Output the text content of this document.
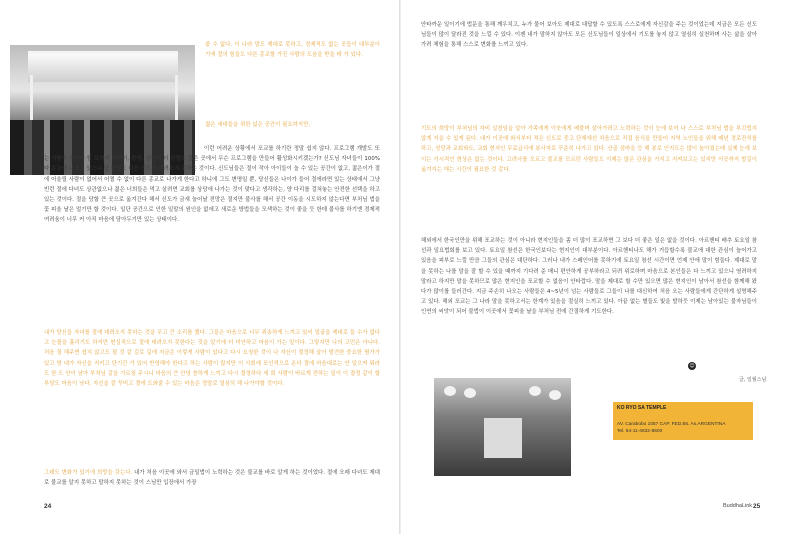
줄 수 없다. 이 나라 말도 제대로 못하고, 경제적도 없는 곳들이 대부분이기에 절의 힘들도 다른 종교할 가진 사람의 도움을 받을 테 가 있다.

젊은 세대들을 위한 넓은 공간이 필요하지만,

이런 어려운 상황에서 포교를 하기란 정말 쉽지 않다. 프로그램 개발도 또는 사람이 있어야 힘 포려지 어린이, 학생, 청년이 더 한템도 많은 곳에서 무슨 프로그램을 만들어 활성화시키겠는가? 신도님 자녀들이 100% 타 종교에 나가고 있으니 단 한명도 다른 신도를 데려오지 못하는 것이다. 신도님들은 절이 작아 아이들이 놀 수 있는 공간이 없고, 젊은이가 절에 어울릴 사람이 없어서 어쩔 수 없이 다른 종교로 나가게 한다고 하니에 그도 변명일 뿐, 당신들은 나이가 들어 절에라면 있는 상태에서 그냥 빈런 절에 다녀도 상관없으나 젊은 너희들은 먹고 살려면 교회를 상당에 나가는 것이 맞다고 생각하는, 양 다리를 걸쳐놓는 안전한 선택을 하고 있는 것이다. 절을 당할 큰 곳으로 옮겨간다 해서 신도가 금새 늘어날 전망은 절지만 불사를 해서 공간 이동을 시도하지 않는다면 부처님 법을 꽃 피울 날은 멀기만 할 것이다. 일단 공간으로 인한 일말의 원인을 없애고 새로운 방법들을 모색하는 것이 좋을 듯 한데 불사를 하기엔 경제적 여려움이 너무 커 아직 마음에 담아두기만 있는 상태이다.

내가 당신들 자녀를 절에 데려오지 못하는 것을 무고 큰 소리를 했다. 그들은 마음으로 너무 죄송하게 느끼고 있어 얼굴을 제대로 들 수가 없다고 눈물을 흘리기도 하지만 현실적으로 절에 데려오지 못한다는 것을 알기에 더 미안하고 마음이 가는 일이다. 그렇지만 나의 고민은 아니다. 처음 절 해주면 쉽지 않고도 될 것 같 길로 길에 지금은 이렇게 사람이 있다고 다시 요청한 것이 나 자신이 결정해 살아 발견한 중요한 뭔가가 있고 방 내가 자신을 지키고 단기간 가 있어 반영해야 한다고 하는 사람이 많지만 이 사회에 포인적으로 온다 결에 마음대로는 안 일으켜 뭐라도 한 도 안이 남아 부처님 같을 가르침 주시니 마음의 큰 안녕 씀하게 느끼고 다시 결정하다 세 회 사람이 바르게 전하는 일이 이 결정 같이 할 부담도 마음이 낫다. 자신을 잘 꾸미고 결에 도와줄 수 있는 마음은 정말로 열심히 해 나가야할 것이다.

그래도 변화가 있기에 희망을 갖는다. 내가 처음 이곳에 와서 금일법이 노력하는 것은 불교를 바로 알게 하는 것이었다. 절에 오래 다녀도 제대로 불교를 알지 못하고 말하지 못하는 것이 스님만 입장에서 가장

24

안타까운 일이기에 법문을 통해 깨우치고, 누가 물어 보아도 제대로 대답할 수 있도록 스스로에게 자신감을 주는 것이었는데 지금은 모든 신도님들이 많이 달라진 것을 느낄 수 있다. 이젠 내가 말하지 않아도 모든 신도님들이 일상에서 기도를 놓지 않고 열심히 실천하며 사는 삶을 살아가려 체험을 통해 스스로 변화를 느끼고 있다.

기도의 희망이 부처님의 자비 실천임을 알아 가족에게 이웃에게 베풀며 살아가려고 노력하는 것이 눈에 보여 나 스스로 부처님 법을 부끄럽지 않게 지을 수 있게 된다. 내가 이곳에 와서부터 적은 신도로 중고 단체에선 처음으로 직접 음식을 만들어 지역 노인들을 위해 매년 경로잔치를 하고, 성당과 교회와도, 교회 현지인 무료급식에 봉사자로 꾸준히 나가고 있다. 산골 섬마을 등 해 봉로 인지도는 많이 높아졌는데 실제 눈에 보이는 가시적인 현상은 없는 것이다. 고려사를 모르고 불교를 모르던 사람들도 이제는 많은 관심을 가지고 지켜보고는 있지만 이곳까지 발길이 옮겨지는 데는 시간이 필요한 것 같다.

해외에서 한국인만을 위해 포교하는 것이 아니라 현지인들을 좀 더 많이 포교하면 그 보다 더 좋은 일은 없을 것이다. 아르헨티 배추 토요일 참선과 일요법회를 보고 있다. 토요일 참선은 한국인보다는 현지인이 대부분이다. 아르헨티나도 해가 거듭할수록 불교에 대한 관심이 늘어가고 있음을 피부로 느낄 만큼 그들의 관심은 대단하다. 그러나 내가 스페인어를 못하기에 토요일 참선 시간이면 언제 안에 말이 힘들다. 제대로 말을 못하는 나를 말을 잘 할 수 있을 때까지 기다려 준 매니 편안하게 공부하라고 되려 위로하며 마음으로 본인들은 다 느끼고 있으니 염려하지 말라고 하지만 말을 못하므로 많은 현지인을 포교할 수 없음이 안타깝다. 말을 제대로 할 수만 있으면 많은 현지인이 남아서 참선을 함께해 왔다가 많이를 들러간다. 지금 주손히 나오는 사람들은 4~5년이 넘는 사람들로 그들이 나를 대신하여 처음 오는 사람들에게 간단하게 설명해주고 있다. 해외 포교는 그 나라 말을 못하고서는 한계가 있음을 절실히 느끼고 있다. 아끝 없는 별들도 빛을 발하듯 이제는 남아있는 불자님들이 인연의 씨앗이 되어 불법이 이곳에서 꽃피울 날을 부처님 전에 간절하게 기도한다.

☺

글, 일월스님

KO RYO SA TEMPLE

AV. Carabobo 1057 CAP. FED.Bs. As.ARGENTINA

Tel. 54-11-4632-8600

BuddhaLink 25
